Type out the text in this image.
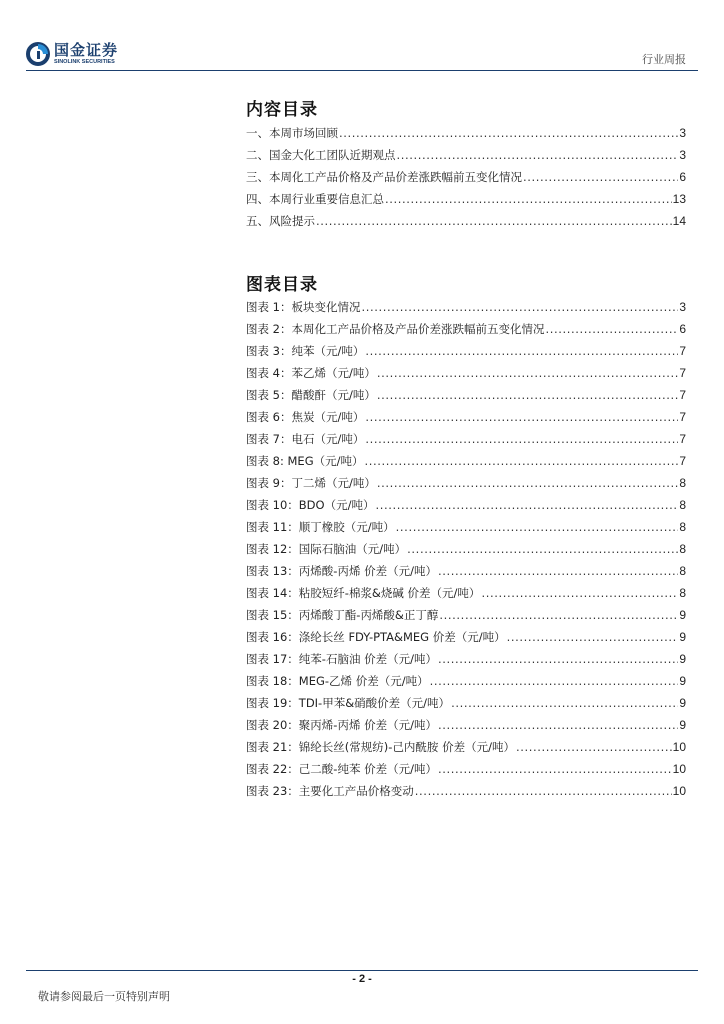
国金证券
SINOLINK SECURITIES	行业周报
内容目录
一、本周市场回顾 .....	3
二、国金大化工团队近期观点 .....	3
三、本周化工产品价格及产品价差涨跌幅前五变化情况 .....	6
四、本周行业重要信息汇总 .....	13
五、风险提示 .....	14
图表目录
图表 1：板块变化情况 .....	3
图表 2：本周化工产品价格及产品价差涨跌幅前五变化情况 .....	6
图表 3：纯苯（元/吨） .....	7
图表 4：苯乙烯（元/吨） .....	7
图表 5：醋酸酐（元/吨） .....	7
图表 6：焦炭（元/吨） .....	7
图表 7：电石（元/吨） .....	7
图表 8: MEG（元/吨） .....	7
图表 9：丁二烯（元/吨） .....	8
图表 10：BDO（元/吨） .....	8
图表 11：顺丁橡胶（元/吨） .....	8
图表 12：国际石脑油（元/吨） .....	8
图表 13：丙烯酸-丙烯 价差（元/吨） .....	8
图表 14：粘胶短纤-棉浆&烧碱 价差（元/吨） .....	8
图表 15：丙烯酸丁酯-丙烯酸&正丁醇 .....	9
图表 16：涤纶长丝 FDY-PTA&MEG 价差（元/吨） .....	9
图表 17：纯苯-石脑油 价差（元/吨） .....	9
图表 18：MEG-乙烯 价差（元/吨） .....	9
图表 19：TDI-甲苯&硝酸价差（元/吨） .....	9
图表 20：聚丙烯-丙烯 价差（元/吨） .....	9
图表 21：锦纶长丝(常规纺)-己内酰胺 价差（元/吨） .....	10
图表 22：己二酸-纯苯 价差（元/吨） .....	10
图表 23：主要化工产品价格变动 .....	10
- 2 -
敬请参阅最后一页特别声明
